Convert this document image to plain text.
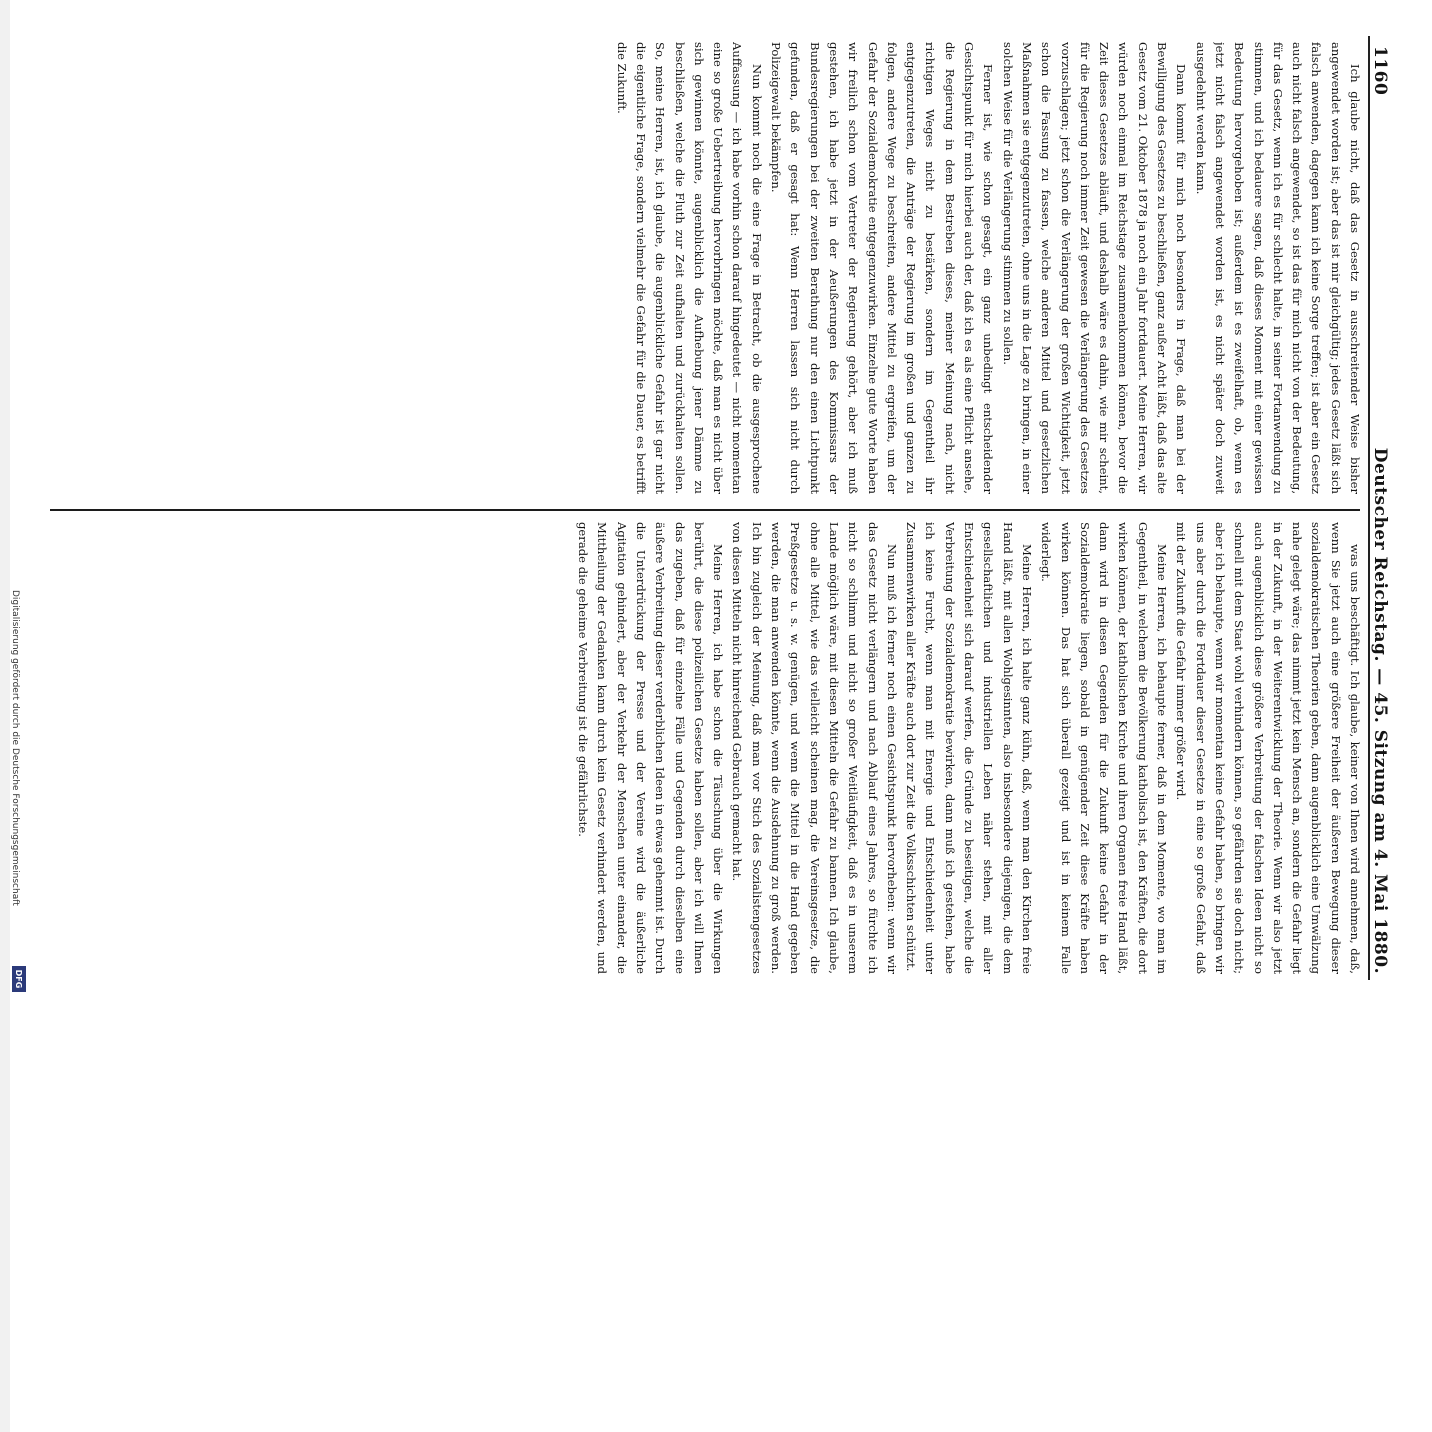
1160
Deutscher Reichstag. — 45. Sitzung am 4. Mai 1880.

Ich glaube nicht, daß das Gesetz in ausschreitender Weise bisher angewendet worden ist; aber das ist mir gleichgültig; jedes Gesetz läßt sich falsch anwenden, dagegen kann ich keine Sorge treffen; ist aber ein Gesetz auch nicht falsch angewendet, so ist das für mich nicht von der Bedeutung, für das Gesetz, wenn ich es für schlecht halte, in seiner Fortanwendung zu stimmen, und ich bedauere sagen, daß dieses Moment mit einer gewissen Bedeutung hervorgehoben ist; außerdem ist es zweifelhaft, ob, wenn es jetzt nicht falsch angewendet worden ist, es nicht später doch zuweit ausgedehnt werden kann.

Dann kommt für mich noch besonders in Frage, daß man bei der Bewilligung des Gesetzes zu beschließen, ganz außer Acht läßt, daß das alte Gesetz vom 21. Oktober 1878 ja noch ein Jahr fortdauert. Meine Herren, wir würden noch einmal im Reichstage zusammenkommen können, bevor die Zeit dieses Gesetzes abläuft, und deshalb wäre es dahin, wie mir scheint, für die Regierung noch immer Zeit gewesen die Verlängerung des Gesetzes vorzuschlagen; jetzt schon die Verlängerung der großen Wichtigkeit, jetzt schon die Fassung zu fassen, welche anderen Mittel und gesetzlichen Maßnahmen sie entgegenzutreten, ohne uns in die Lage zu bringen, in einer solchen Weise für die Verlängerung stimmen zu sollen.

Ferner ist, wie schon gesagt, ein ganz unbedingt entscheidender Gesichtspunkt für mich hierbei auch der, daß ich es als eine Pflicht ansehe, die Regierung in dem Bestreben dieses, meiner Meinung nach, nicht richtigen Weges nicht zu bestärken, sondern im Gegentheil ihr entgegenzutreten, die Anträge der Regierung im großen und ganzen zu folgen, andere Wege zu beschreiten, andere Mittel zu ergreifen, um der Gefahr der Sozialdemokratie entgegenzuwirken. Einzelne gute Worte haben wir freilich schon vom Vertreter der Regierung gehört, aber ich muß gestehen, ich habe jetzt in der Aeußerungen des Kommissars der Bundesregierungen bei der zweiten Berathung nur den einen Lichtpunkt gefunden, daß er gesagt hat: Wenn Herren lassen sich nicht durch Polizeigewalt bekämpfen.

Nun kommt noch die eine Frage in Betracht, ob die ausgesprochene Auffassung — ich habe vorhin schon darauf hingedeutet — nicht momentan eine so große Uebertreibung hervorbringen möchte, daß man es nicht über sich gewinnen könnte, augenblicklich die Aufhebung jener Dämme zu beschließen, welche die Fluth zur Zeit aufhalten und zurückhalten sollen. So, meine Herren, ist, ich glaube, die augenblickliche Gefahr ist gar nicht die eigentliche Frage, sondern vielmehr die Gefahr für die Dauer, es betrifft die Zukunft.

was uns beschäftigt. Ich glaube, keiner von Ihnen wird annehmen, daß, wenn Sie jetzt auch eine größere Freiheit der äußeren Bewegung dieser sozialdemokratischen Theorien geben, dann augenblicklich eine Umwälzung nahe gelegt wäre; das nimmt jetzt kein Mensch an, sondern die Gefahr liegt in der Zukunft, in der Weiterentwicklung der Theorie. Wenn wir also jetzt auch augenblicklich diese größere Verbreitung der falschen Ideen nicht so schnell mit dem Staat wohl verhindern können, so gefährden sie doch nicht; aber ich behaupte, wenn wir momentan keine Gefahr haben, so bringen wir uns aber durch die Fortdauer dieser Gesetze in eine so große Gefahr, daß mit der Zukunft die Gefahr immer größer wird.

Meine Herren, ich behaupte ferner, daß in dem Momente, wo man im Gegentheil, in welchem die Bevölkerung katholisch ist, den Kräften, die dort wirken können, der katholischen Kirche und ihren Organen freie Hand läßt, dann wird in diesen Gegenden für die Zukunft keine Gefahr in der Sozialdemokratie liegen, sobald in genügender Zeit diese Kräfte haben wirken können. Das hat sich überall gezeigt und ist in keinem Falle widerlegt.

Meine Herren, ich halte ganz kühn, daß, wenn man den Kirchen freie Hand läßt, mit allen Wohlgesinnten, also insbesondere diejenigen, die dem gesellschaftlichen und industriellen Leben näher stehen, mit aller Entschiedenheit sich darauf werfen, die Gründe zu beseitigen, welche die Verbreitung der Sozialdemokratie bewirken, dann muß ich gestehen, habe ich keine Furcht, wenn man mit Energie und Entschiedenheit unter Zusammenwirken aller Kräfte auch dort zur Zeit die Volksschichten schützt.

Nun muß ich ferner noch einen Gesichtspunkt hervorheben: wenn wir das Gesetz nicht verlängern und nach Ablauf eines Jahres, so fürchte ich nicht so schlimm und nicht so großer Weitläufigkeit, daß es in unserem Lande möglich wäre, mit diesen Mitteln die Gefahr zu bannen. Ich glaube, ohne alle Mittel, wie das vielleicht scheinen mag, die Vereinsgesetze, die Preßgesetze u. s. w. genügen, und wenn die Mittel in die Hand gegeben werden, die man anwenden könnte, wenn die Ausdehnung zu groß werden. Ich bin zugleich der Meinung, daß man vor Stich des Sozialistengesetzes von diesen Mitteln nicht hinreichend Gebrauch gemacht hat.

Meine Herren, ich habe schon die Täuschung über die Wirkungen berührt, die diese polizeilichen Gesetze haben sollen, aber ich will Ihnen das zugeben, daß für einzelne Fälle und Gegenden durch dieselben eine äußere Verbreitung dieser verderblichen Ideen in etwas gehemmt ist. Durch die Unterdrückung der Presse und der Vereine wird die äußerliche Agitation gehindert, aber der Verkehr der Menschen unter einander, die Mittheilung der Gedanken kann durch kein Gesetz verhindert werden, und gerade die geheime Verbreitung ist die gefährlichste.

Digitalisierung gefördert durch die Deutsche Forschungsgemeinschaft
DFG
